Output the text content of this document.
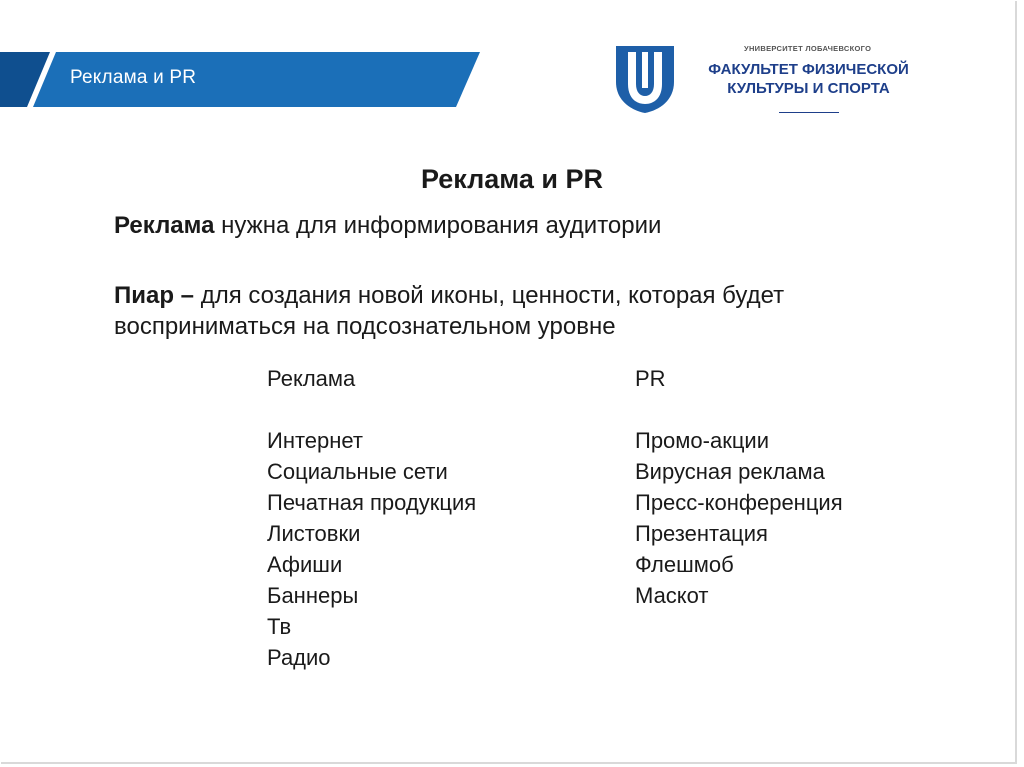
Реклама и PR
УНИВЕРСИТЕТ ЛОБАЧЕВСКОГО
ФАКУЛЬТЕТ ФИЗИЧЕСКОЙ
КУЛЬТУРЫ И СПОРТА
Реклама и PR
Реклама нужна для информирования аудитории
Пиар – для создания новой иконы, ценности, которая будет восприниматься на подсознательном уровне
Реклама
Интернет
Социальные сети
Печатная продукция
Листовки
Афиши
Баннеры
Тв
Радио
PR
Промо-акции
Вирусная реклама
Пресс-конференция
Презентация
Флешмоб
Маскот
